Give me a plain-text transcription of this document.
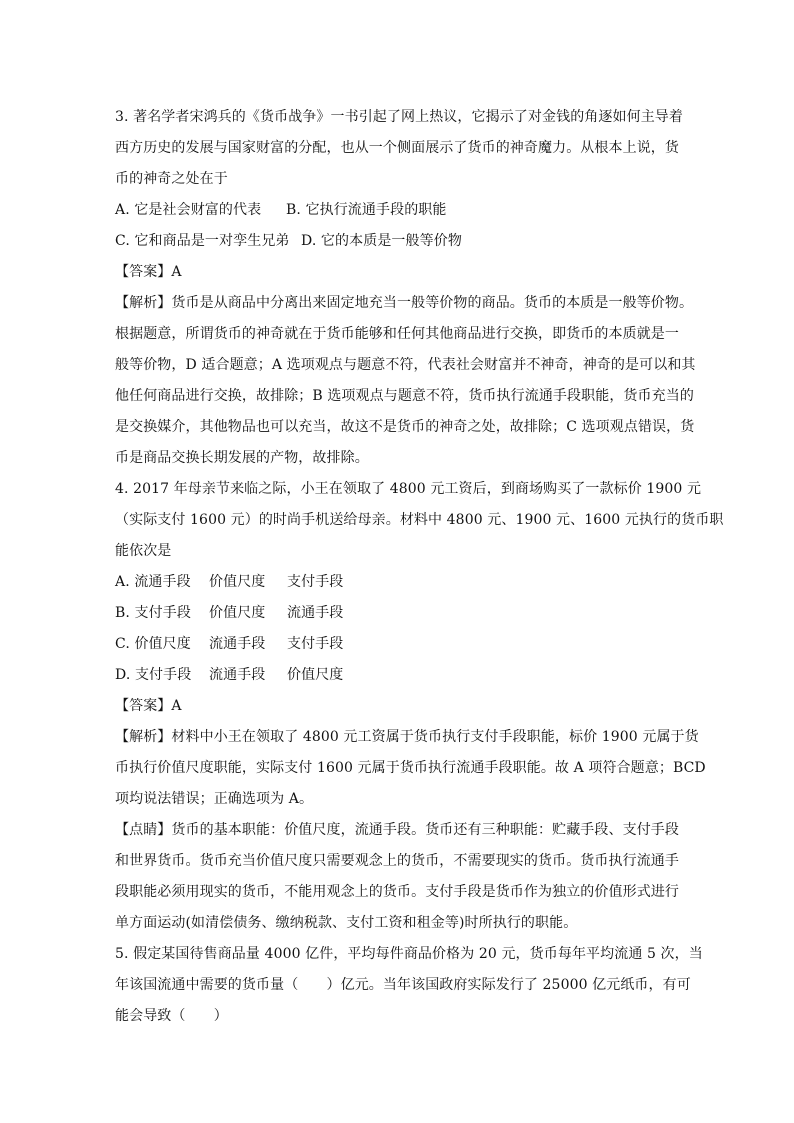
3. 著名学者宋鸿兵的《货币战争》一书引起了网上热议，它揭示了对金钱的角逐如何主导着
西方历史的发展与国家财富的分配，也从一个侧面展示了货币的神奇魔力。从根本上说，货
币的神奇之处在于
A. 它是社会财富的代表 B. 它执行流通手段的职能
C. 它和商品是一对孪生兄弟 D. 它的本质是一般等价物
【答案】A
【解析】货币是从商品中分离出来固定地充当一般等价物的商品。货币的本质是一般等价物。
根据题意，所谓货币的神奇就在于货币能够和任何其他商品进行交换，即货币的本质就是一
般等价物，D 适合题意；A 选项观点与题意不符，代表社会财富并不神奇，神奇的是可以和其
他任何商品进行交换，故排除；B 选项观点与题意不符，货币执行流通手段职能，货币充当的
是交换媒介，其他物品也可以充当，故这不是货币的神奇之处，故排除；C 选项观点错误，货
币是商品交换长期发展的产物，故排除。
4. 2017 年母亲节来临之际，小王在领取了 4800 元工资后，到商场购买了一款标价 1900 元
（实际支付 1600 元）的时尚手机送给母亲。材料中 4800 元、1900 元、1600 元执行的货币职
能依次是
A. 流通手段 价值尺度 支付手段
B. 支付手段 价值尺度 流通手段
C. 价值尺度 流通手段 支付手段
D. 支付手段 流通手段 价值尺度
【答案】A
【解析】材料中小王在领取了 4800 元工资属于货币执行支付手段职能，标价 1900 元属于货
币执行价值尺度职能，实际支付 1600 元属于货币执行流通手段职能。故 A 项符合题意；BCD
项均说法错误；正确选项为 A。
【点睛】货币的基本职能：价值尺度，流通手段。货币还有三种职能：贮藏手段、支付手段
和世界货币。货币充当价值尺度只需要观念上的货币，不需要现实的货币。货币执行流通手
段职能必须用现实的货币，不能用观念上的货币。支付手段是货币作为独立的价值形式进行
单方面运动(如清偿债务、缴纳税款、支付工资和租金等)时所执行的职能。
5. 假定某国待售商品量 4000 亿件，平均每件商品价格为 20 元，货币每年平均流通 5 次，当
年该国流通中需要的货币量（　　）亿元。当年该国政府实际发行了 25000 亿元纸币，有可
能会导致（　　）
